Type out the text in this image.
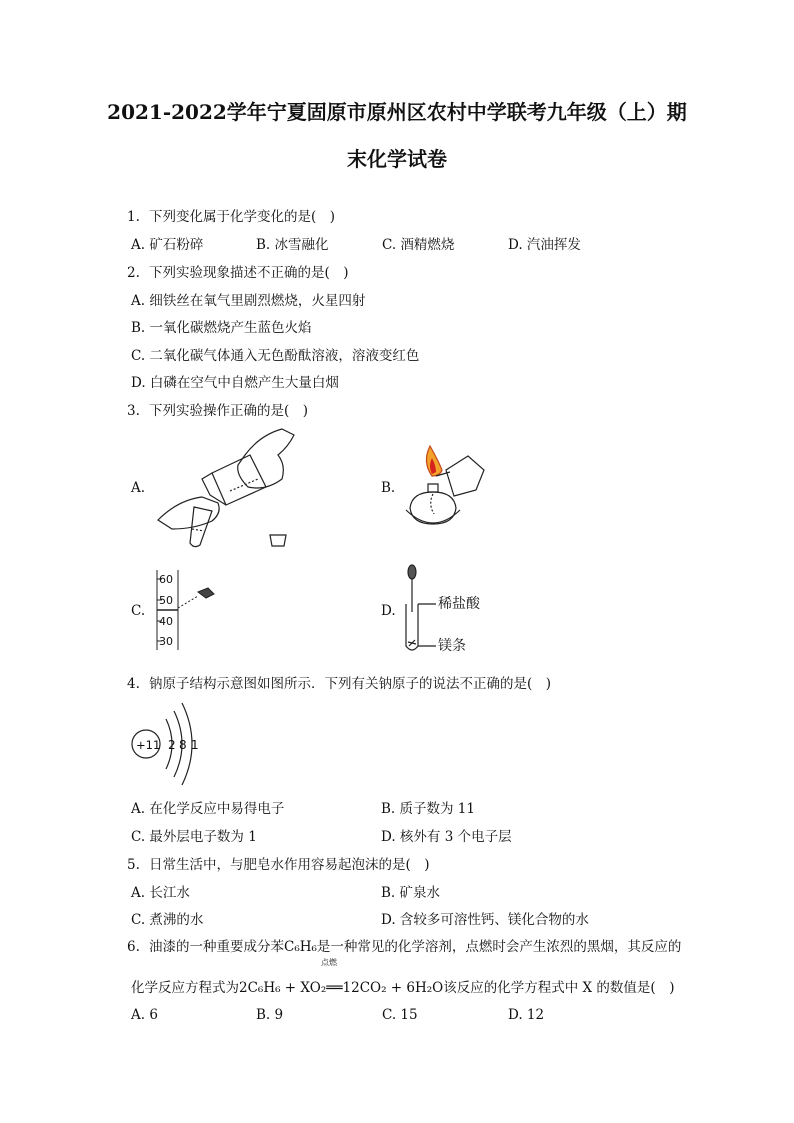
2021-2022学年宁夏固原市原州区农村中学联考九年级（上）期
末化学试卷
1. 下列变化属于化学变化的是(　)
A. 矿石粉碎	B. 冰雪融化	C. 酒精燃烧	D. 汽油挥发
2. 下列实验现象描述不正确的是(　)
A. 细铁丝在氧气里剧烈燃烧，火星四射
B. 一氧化碳燃烧产生蓝色火焰
C. 二氧化碳气体通入无色酚酞溶液，溶液变红色
D. 白磷在空气中自燃产生大量白烟
3. 下列实验操作正确的是(　)
A.	B.
C.
60
50
40
30
D.	稀盐酸
镁条
4. 钠原子结构示意图如图所示．下列有关钠原子的说法不正确的是(　)
+11 2 8 1
A. 在化学反应中易得电子	B. 质子数为 11
C. 最外层电子数为 1	D. 核外有 3 个电子层
5. 日常生活中，与肥皂水作用容易起泡沫的是(　)
A. 长江水	B. 矿泉水
C. 煮沸的水	D. 含较多可溶性钙、镁化合物的水
6. 油漆的一种重要成分苯C₆H₆是一种常见的化学溶剂，点燃时会产生浓烈的黑烟，其反应的
点燃
化学反应方程式为2C₆H₆ + XO₂══12CO₂ + 6H₂O该反应的化学方程式中 X 的数值是(　)
A. 6	B. 9	C. 15	D. 12
